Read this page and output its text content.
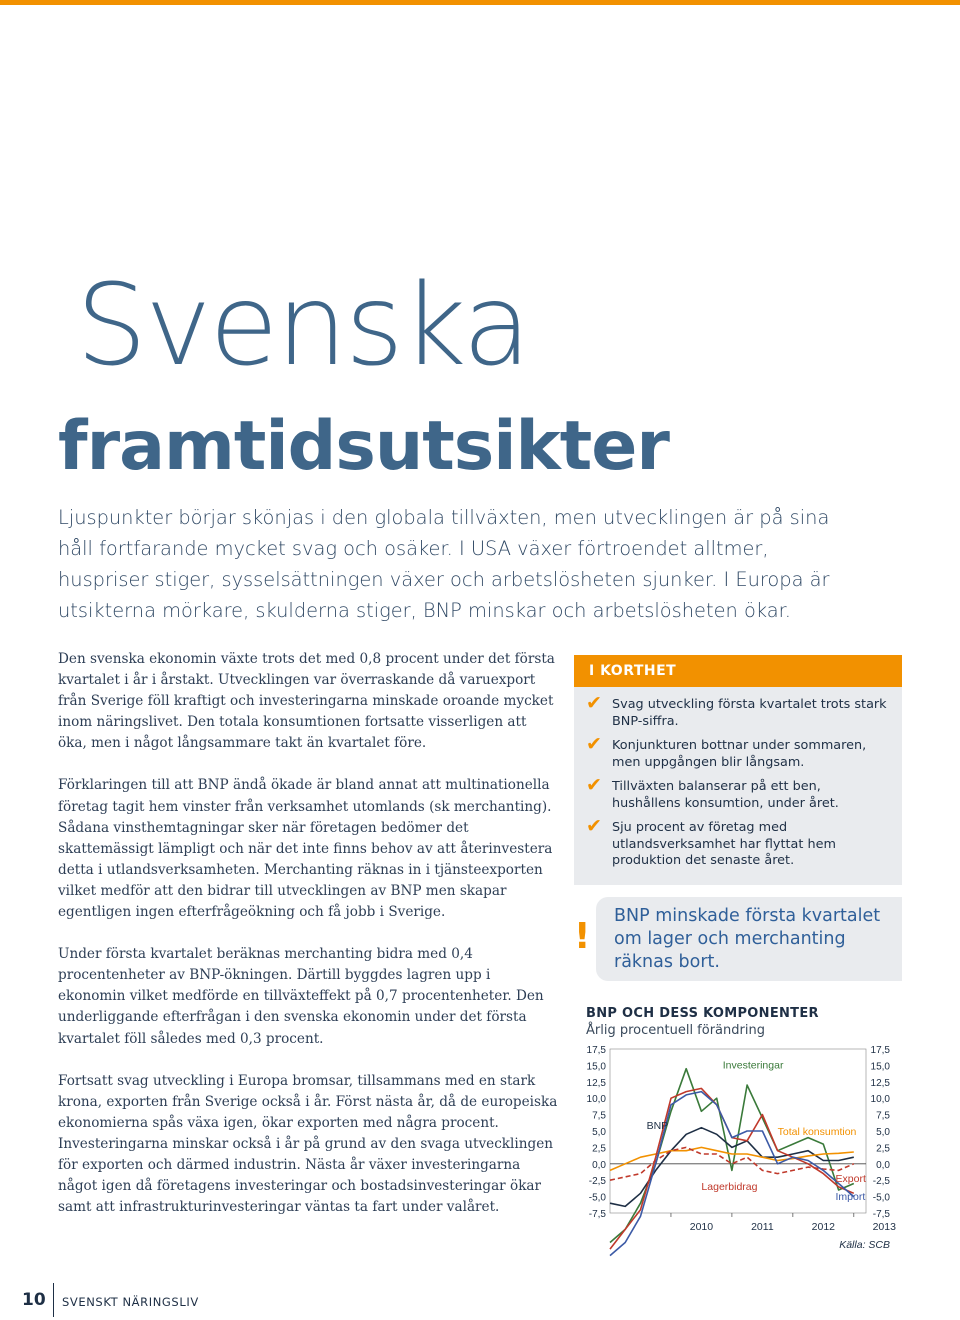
Svenska
framtidsutsikter

Ljuspunkter börjar skönjas i den globala tillväxten, men utvecklingen är på sina håll fortfarande mycket svag och osäker. I USA växer förtroendet alltmer, huspriser stiger, sysselsättningen växer och arbetslösheten sjunker. I Europa är utsikterna mörkare, skulderna stiger, BNP minskar och arbetslösheten ökar.

Den svenska ekonomin växte trots det med 0,8 procent under det första kvartalet i år i årstakt. Utvecklingen var överraskande då varuexport från Sverige föll kraftigt och investeringarna minskade oroande mycket inom näringslivet. Den totala konsumtionen fortsatte visserligen att öka, men i något långsammare takt än kvartalet före.

Förklaringen till att BNP ändå ökade är bland annat att multinationella företag tagit hem vinster från verksamhet utomlands (sk merchanting). Sådana vinsthemtagningar sker när företagen bedömer det skattemässigt lämpligt och när det inte finns behov av att återinvestera detta i utlandsverksamheten. Merchanting räknas in i tjänsteexporten vilket medför att den bidrar till utvecklingen av BNP men skapar egentligen ingen efterfrågeökning och få jobb i Sverige.

Under första kvartalet beräknas merchanting bidra med 0,4 procentenheter av BNP-ökningen. Därtill byggdes lagren upp i ekonomin vilket medförde en tillväxteffekt på 0,7 procentenheter. Den underliggande efterfrågan i den svenska ekonomin under det första kvartalet föll således med 0,3 procent.

Fortsatt svag utveckling i Europa bromsar, tillsammans med en stark krona, exporten från Sverige också i år. Först nästa år, då de europeiska ekonomierna spås växa igen, ökar exporten med några procent. Investeringarna minskar också i år på grund av den svaga utvecklingen för exporten och därmed industrin. Nästa år växer investeringarna något igen då företagens investeringar och bostadsinvesteringar ökar samt att infrastrukturinvesteringar väntas ta fart under valåret.

I KORTHET
✔ Svag utveckling första kvartalet trots stark BNP-siffra.
✔ Konjunkturen bottnar under sommaren, men uppgången blir långsam.
✔ Tillväxten balanserar på ett ben, hushållens konsumtion, under året.
✔ Sju procent av företag med utlandsverksamhet har flyttat hem produktion det senaste året.
! BNP minskade första kvartalet om lager och merchanting räknas bort.
BNP OCH DESS KOMPONENTER
Årlig procentuell förändring
17,5	17,5
15,0	15,0
12,5	12,5
10,0	10,0
7,5	7,5
5,0	5,0
2,5	2,5
0,0	0,0
-2,5	-2,5
-5,0	-5,0
-7,5	-7,5
2010	2011	2012	2013
Investeringar
BNP	Total konsumtion
Lagerbidrag
Export
Import
Källa: SCB
10 SVENSKT NÄRINGSLIV
